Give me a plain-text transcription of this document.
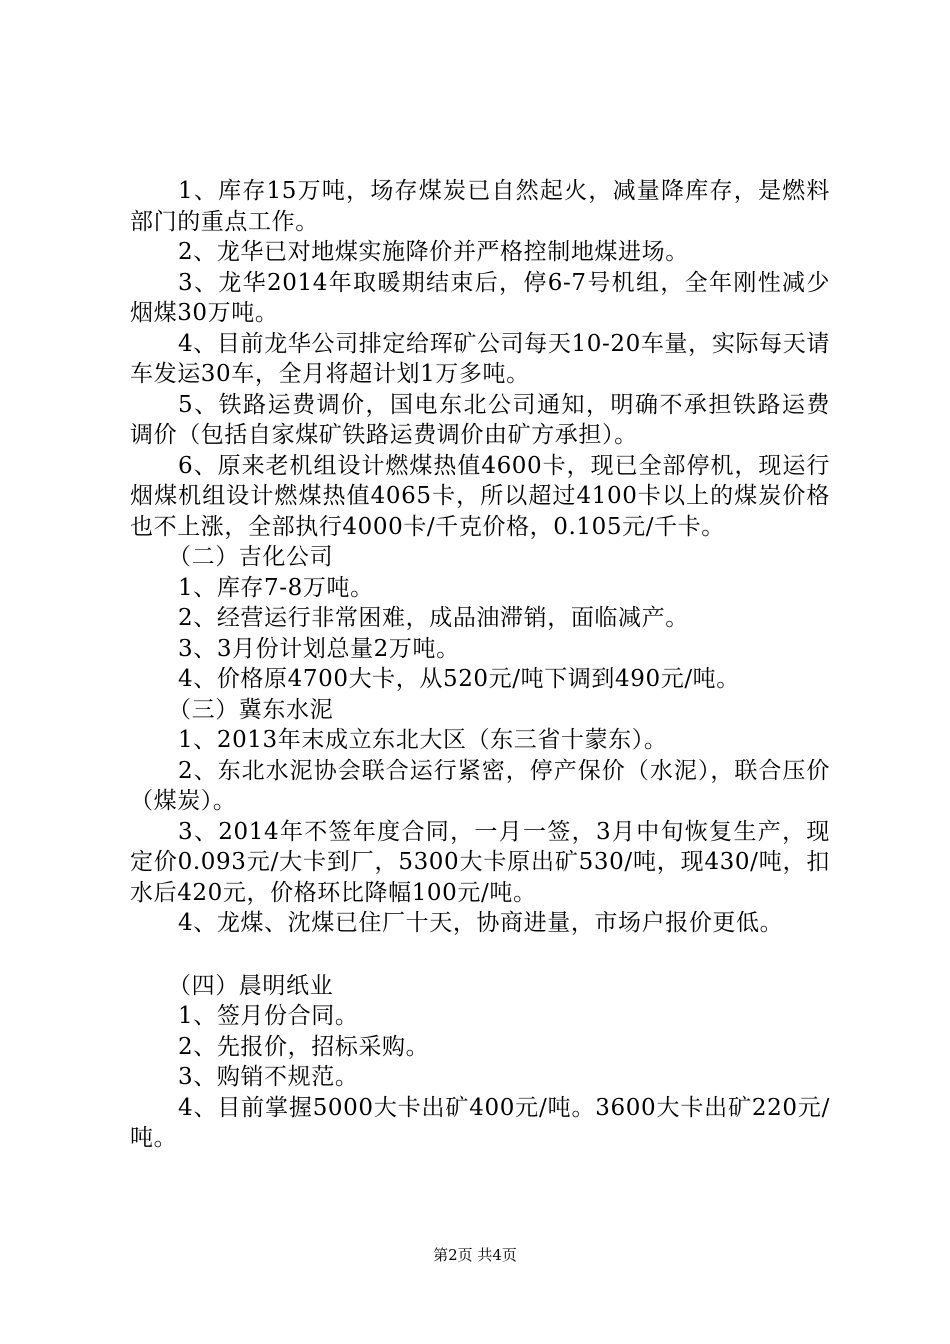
1、库存15万吨，场存煤炭已自然起火，减量降库存，是燃料部门的重点工作。

2、龙华已对地煤实施降价并严格控制地煤进场。

3、龙华2014年取暖期结束后，停6-7号机组，全年刚性减少烟煤30万吨。

4、目前龙华公司排定给珲矿公司每天10-20车量，实际每天请车发运30车，全月将超计划1万多吨。

5、铁路运费调价，国电东北公司通知，明确不承担铁路运费调价（包括自家煤矿铁路运费调价由矿方承担）。

6、原来老机组设计燃煤热值4600卡，现已全部停机，现运行烟煤机组设计燃煤热值4065卡，所以超过4100卡以上的煤炭价格也不上涨，全部执行4000卡/千克价格，0.105元/千卡。

（二）吉化公司

1、库存7-8万吨。

2、经营运行非常困难，成品油滞销，面临减产。

3、3月份计划总量2万吨。

4、价格原4700大卡，从520元/吨下调到490元/吨。

（三）冀东水泥

1、2013年末成立东北大区（东三省十蒙东）。

2、东北水泥协会联合运行紧密，停产保价（水泥），联合压价（煤炭）。

3、2014年不签年度合同，一月一签，3月中旬恢复生产，现定价0.093元/大卡到厂，5300大卡原出矿530/吨，现430/吨，扣水后420元，价格环比降幅100元/吨。

4、龙煤、沈煤已住厂十天，协商进量，市场户报价更低。

（四）晨明纸业

1、签月份合同。

2、先报价，招标采购。

3、购销不规范。

4、目前掌握5000大卡出矿400元/吨。3600大卡出矿220元/吨。

第2页 共4页
